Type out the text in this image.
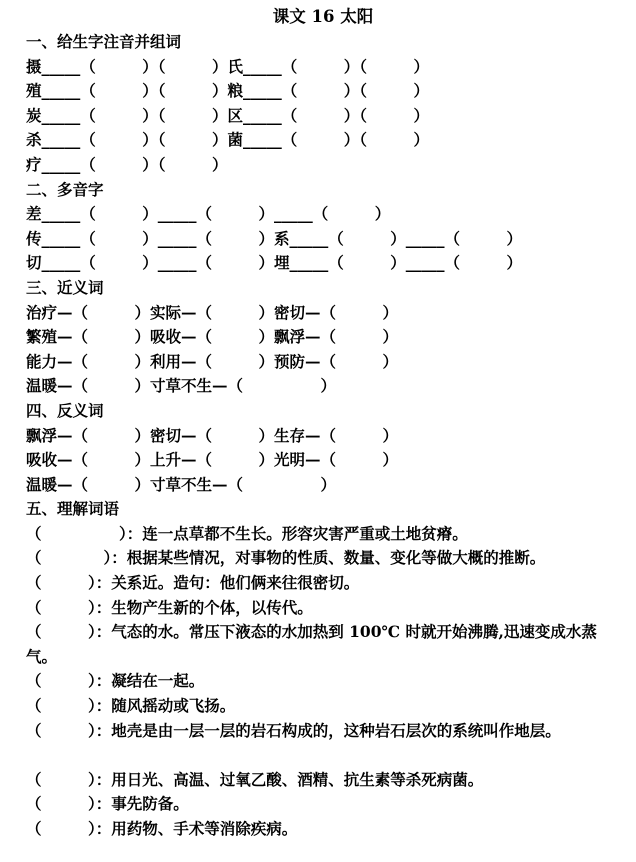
课文 16 太阳
一、给生字注音并组词
摄_____（　　　）（　　　）氏_____（　　　）（　　　）
殖_____（　　　）（　　　）粮_____（　　　）（　　　）
炭_____（　　　）（　　　）区_____（　　　）（　　　）
杀_____（　　　）（　　　）菌_____（　　　）（　　　）
疗_____（　　　）（　　　）
二、多音字
差_____（　　　）_____（　　　）_____（　　　）
传_____（　　　）_____（　　　）系_____（　　　）_____（　　　）
切_____（　　　）_____（　　　）埋_____（　　　）_____（　　　）
三、近义词
治疗—（　　　）实际—（　　　）密切—（　　　）
繁殖—（　　　）吸收—（　　　）飘浮—（　　　）
能力—（　　　）利用—（　　　）预防—（　　　）
温暖—（　　　）寸草不生—（　　　　　）
四、反义词
飘浮—（　　　）密切—（　　　）生存—（　　　）
吸收—（　　　）上升—（　　　）光明—（　　　）
温暖—（　　　）寸草不生—（　　　　　）
五、理解词语
（　　　　　）：连一点草都不生长。形容灾害严重或土地贫瘠。
（　　　　）：根据某些情况，对事物的性质、数量、变化等做大概的推断。
（　　　）：关系近。造句：他们俩来往很密切。
（　　　）：生物产生新的个体，以传代。
（　　　）：气态的水。常压下液态的水加热到 100℃ 时就开始沸腾,迅速变成水蒸气。
（　　　）：凝结在一起。
（　　　）：随风摇动或飞扬。
（　　　）：地壳是由一层一层的岩石构成的，这种岩石层次的系统叫作地层。
（　　　）：用日光、高温、过氧乙酸、酒精、抗生素等杀死病菌。
（　　　）：事先防备。
（　　　）：用药物、手术等消除疾病。
